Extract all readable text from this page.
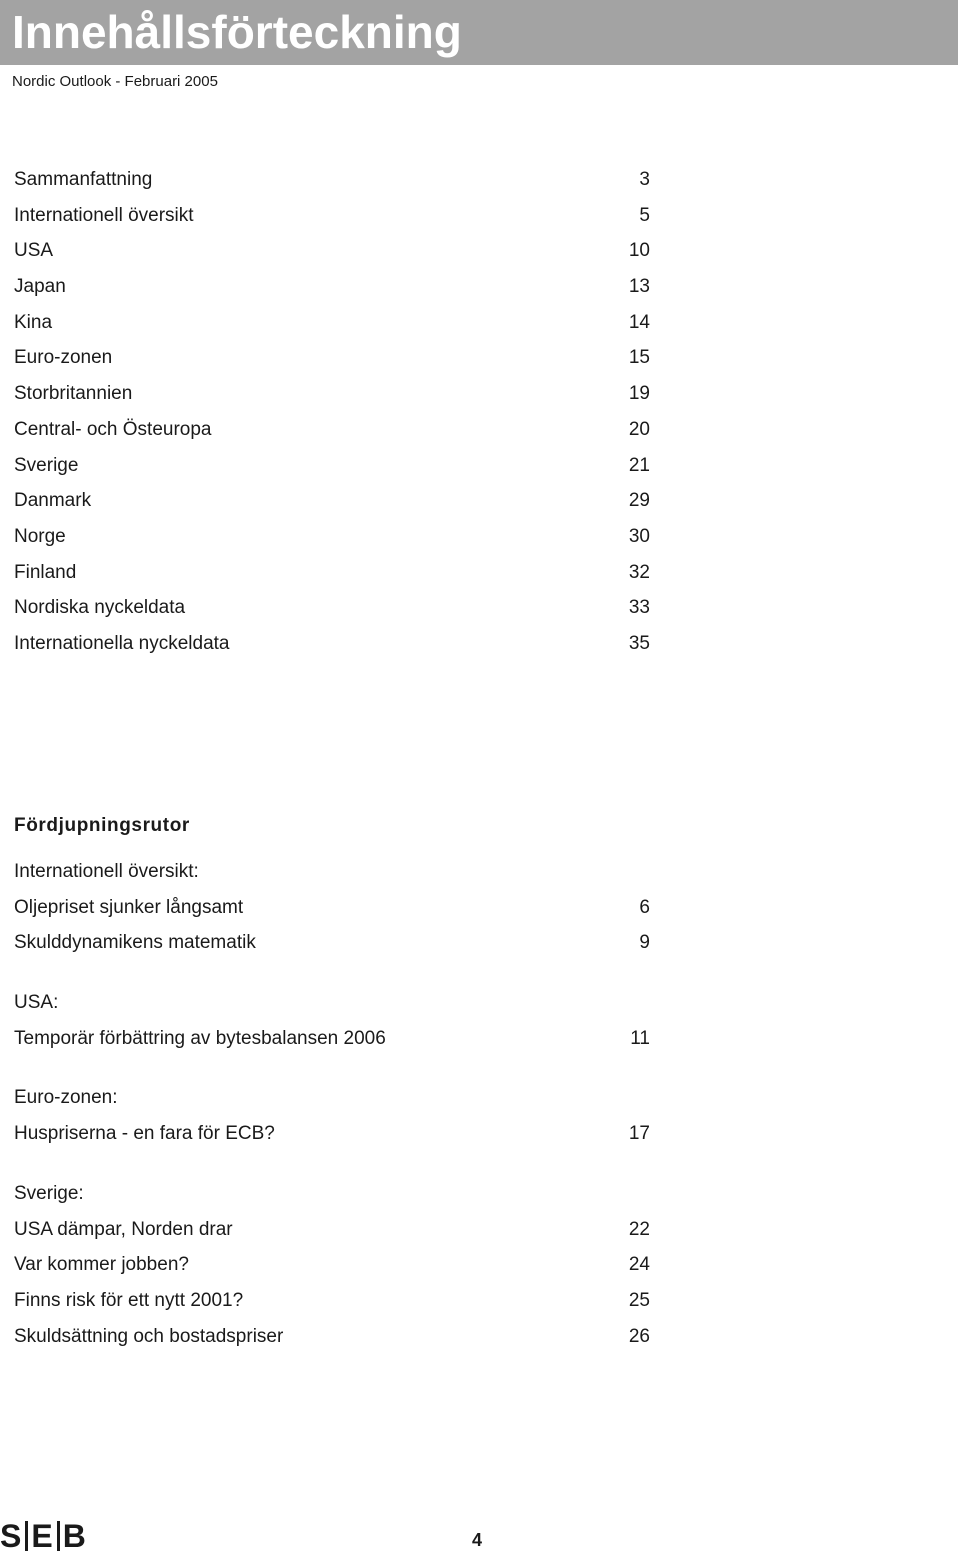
Innehållsförteckning
Nordic Outlook - Februari 2005
Sammanfattning	3
Internationell översikt	5
USA	10
Japan	13
Kina	14
Euro-zonen	15
Storbritannien	19
Central- och Östeuropa	20
Sverige	21
Danmark	29
Norge	30
Finland	32
Nordiska nyckeldata	33
Internationella nyckeldata	35
Fördjupningsrutor
Internationell översikt:
Oljepriset sjunker långsamt	6
Skulddynamikens matematik	9
USA:
Temporär förbättring av bytesbalansen 2006	11
Euro-zonen:
Huspriserna - en fara för ECB?	17
Sverige:
USA dämpar, Norden drar	22
Var kommer jobben?	24
Finns risk för ett nytt 2001?	25
Skuldsättning och bostadspriser	26
S E B	4
